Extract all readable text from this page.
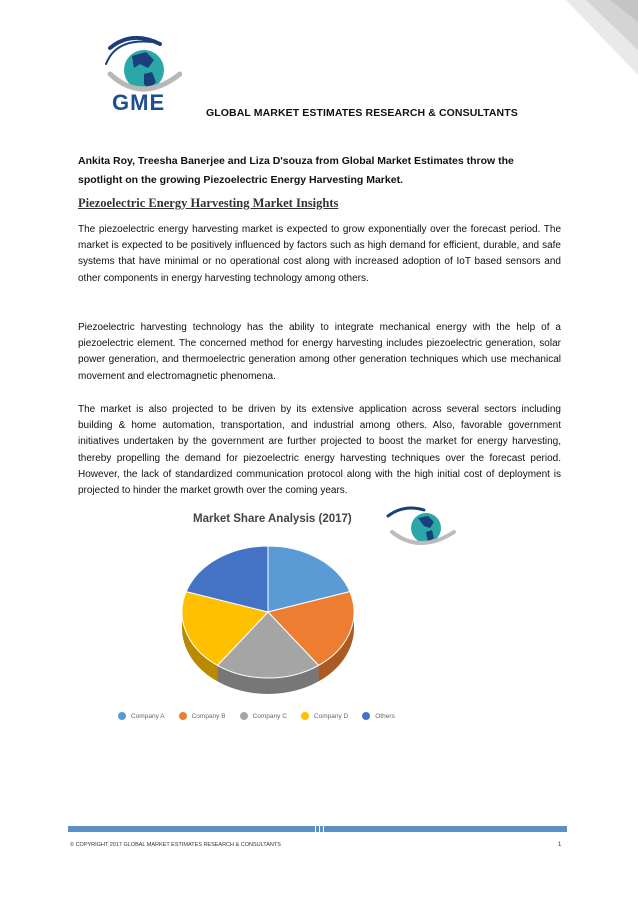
GME	GLOBAL MARKET ESTIMATES RESEARCH & CONSULTANTS
Ankita Roy, Treesha Banerjee and Liza D'souza from Global Market Estimates throw the spotlight on the growing Piezoelectric Energy Harvesting Market.
Piezoelectric Energy Harvesting Market Insights
The piezoelectric energy harvesting market is expected to grow exponentially over the forecast period. The market is expected to be positively influenced by factors such as high demand for efficient, durable, and safe systems that have minimal or no operational cost along with increased adoption of IoT based sensors and other components in energy harvesting technology among others.
Piezoelectric harvesting technology has the ability to integrate mechanical energy with the help of a piezoelectric element. The concerned method for energy harvesting includes piezoelectric generation, solar power generation, and thermoelectric generation among other generation techniques which use mechanical movement and electromagnetic phenomena.
The market is also projected to be driven by its extensive application across several sectors including building & home automation, transportation, and industrial among others. Also, favorable government initiatives undertaken by the government are further projected to boost the market for energy harvesting, thereby propelling the demand for piezoelectric energy harvesting techniques over the forecast period. However, the lack of standardized communication protocol along with the high initial cost of deployment is projected to hinder the market growth over the coming years.
Market Share Analysis (2017)
Company A	Company B	Company C	Company D	Others
© COPYRIGHT 2017 GLOBAL MARKET ESTIMATES RESEARCH & CONSULTANTS	1
